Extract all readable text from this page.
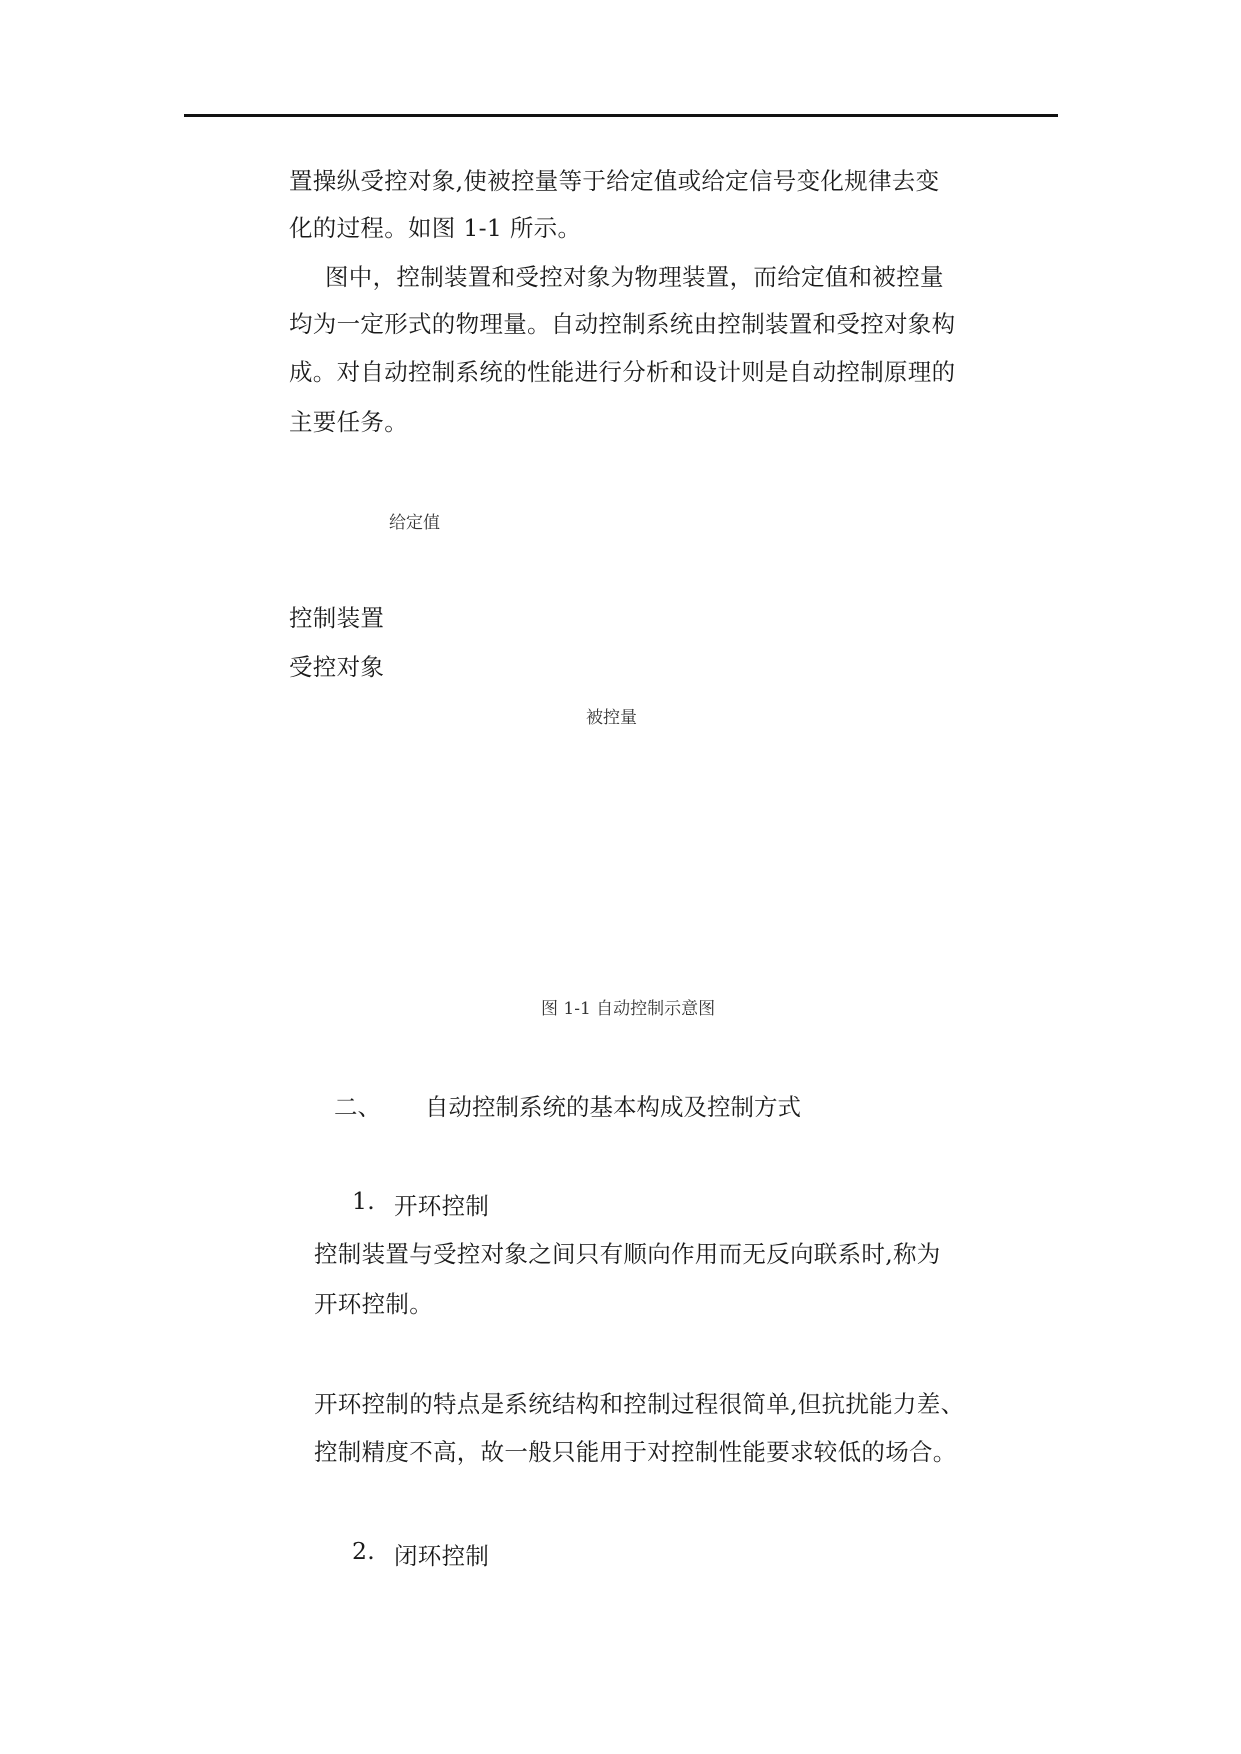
置操纵受控对象,使被控量等于给定值或给定信号变化规律去变
化的过程。如图 1-1 所示。
图中，控制装置和受控对象为物理装置，而给定值和被控量
均为一定形式的物理量。自动控制系统由控制装置和受控对象构
成。对自动控制系统的性能进行分析和设计则是自动控制原理的
主要任务。
给定值
控制装置
受控对象
被控量
图 1-1 自动控制示意图
二、 自动控制系统的基本构成及控制方式
1. 开环控制
控制装置与受控对象之间只有顺向作用而无反向联系时,称为
开环控制。
开环控制的特点是系统结构和控制过程很简单,但抗扰能力差、
控制精度不高，故一般只能用于对控制性能要求较低的场合。
2. 闭环控制
